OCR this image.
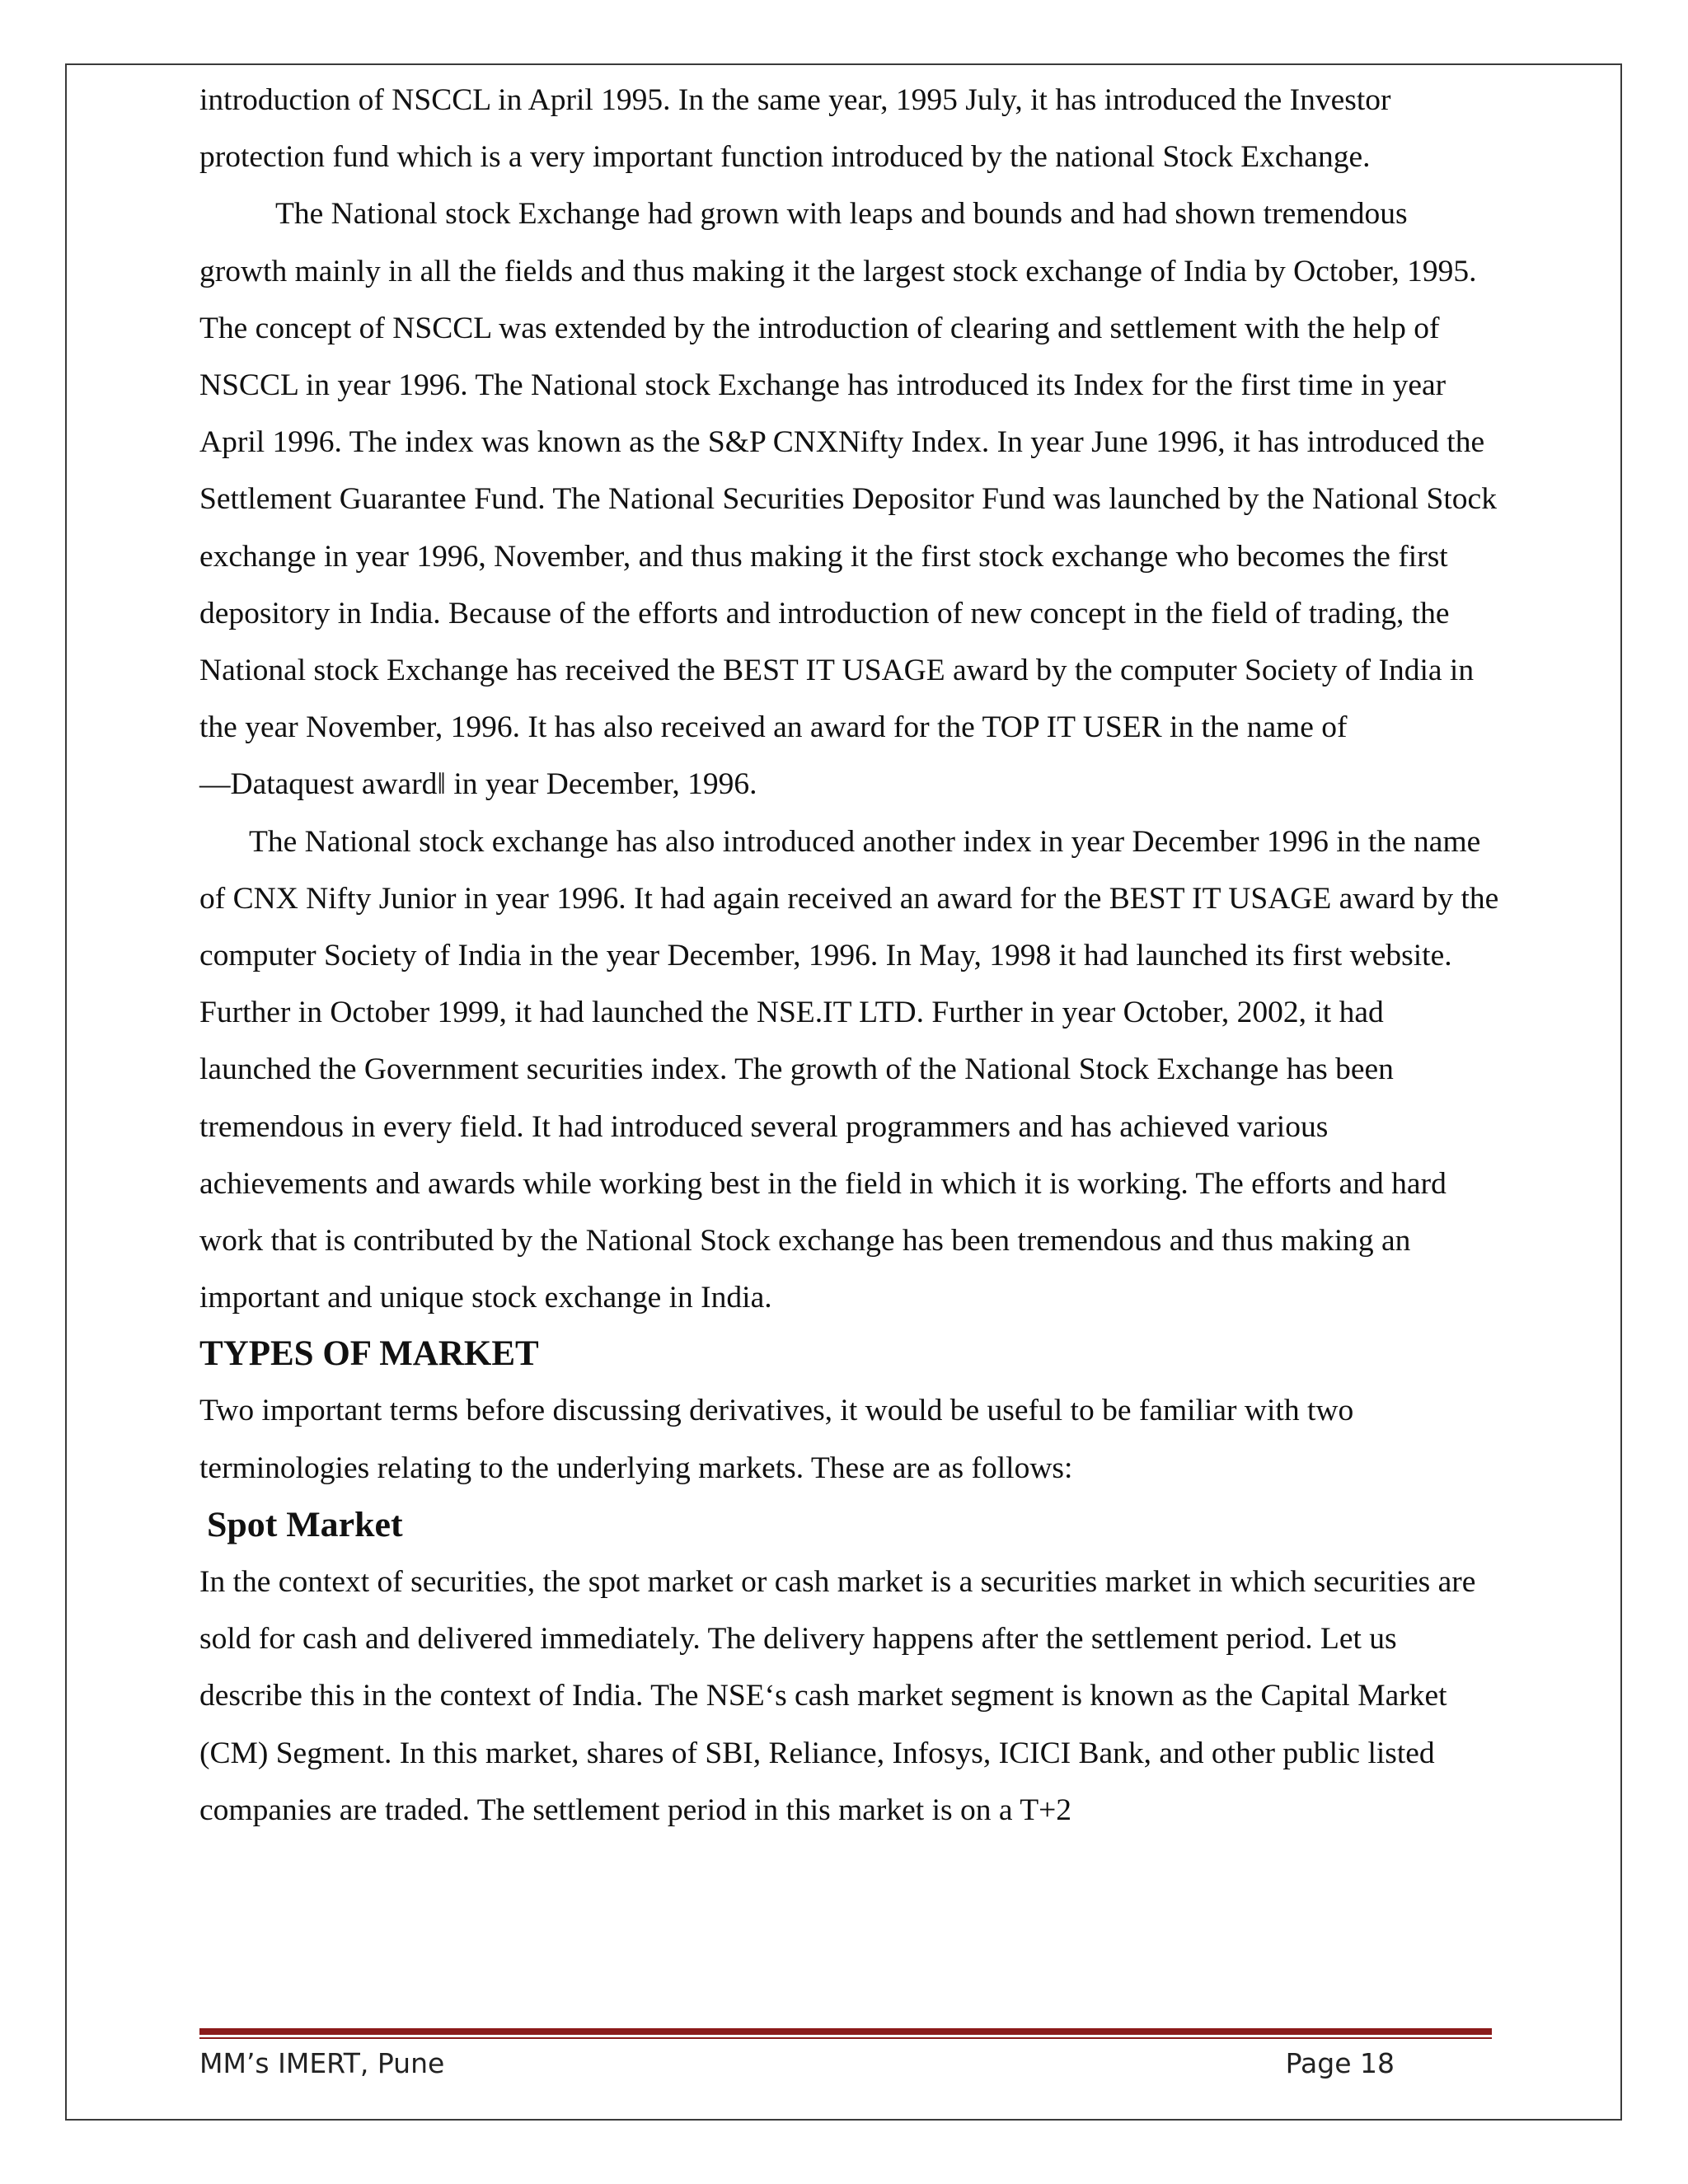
introduction of NSCCL in April 1995. In the same year, 1995 July, it has introduced the Investor protection fund which is a very important function introduced by the national Stock Exchange.

The National stock Exchange had grown with leaps and bounds and had shown tremendous growth mainly in all the fields and thus making it the largest stock exchange of India by October, 1995. The concept of NSCCL was extended by the introduction of clearing and settlement with the help of NSCCL in year 1996. The National stock Exchange has introduced its Index for the first time in year April 1996. The index was known as the S&P CNXNifty Index. In year June 1996, it has introduced the Settlement Guarantee Fund. The National Securities Depositor Fund was launched by the National Stock exchange in year 1996, November, and thus making it the first stock exchange who becomes the first depository in India. Because of the efforts and introduction of new concept in the field of trading, the National stock Exchange has received the BEST IT USAGE award by the computer Society of India in the year November, 1996. It has also received an award for the TOP IT USER in the name of ―Dataquest award‖ in year December, 1996.

The National stock exchange has also introduced another index in year December 1996 in the name of CNX Nifty Junior in year 1996. It had again received an award for the BEST IT USAGE award by the computer Society of India in the year December, 1996. In May, 1998 it had launched its first website. Further in October 1999, it had launched the NSE.IT LTD. Further in year October, 2002, it had launched the Government securities index. The growth of the National Stock Exchange has been tremendous in every field. It had introduced several programmers and has achieved various achievements and awards while working best in the field in which it is working. The efforts and hard work that is contributed by the National Stock exchange has been tremendous and thus making an important and unique stock exchange in India.

TYPES OF MARKET

Two important terms before discussing derivatives, it would be useful to be familiar with two terminologies relating to the underlying markets. These are as follows:

Spot Market

In the context of securities, the spot market or cash market is a securities market in which securities are sold for cash and delivered immediately. The delivery happens after the settlement period. Let us describe this in the context of India. The NSE‘s cash market segment is known as the Capital Market (CM) Segment. In this market, shares of SBI, Reliance, Infosys, ICICI Bank, and other public listed companies are traded. The settlement period in this market is on a T+2

MM’s IMERT, Pune	Page 18
